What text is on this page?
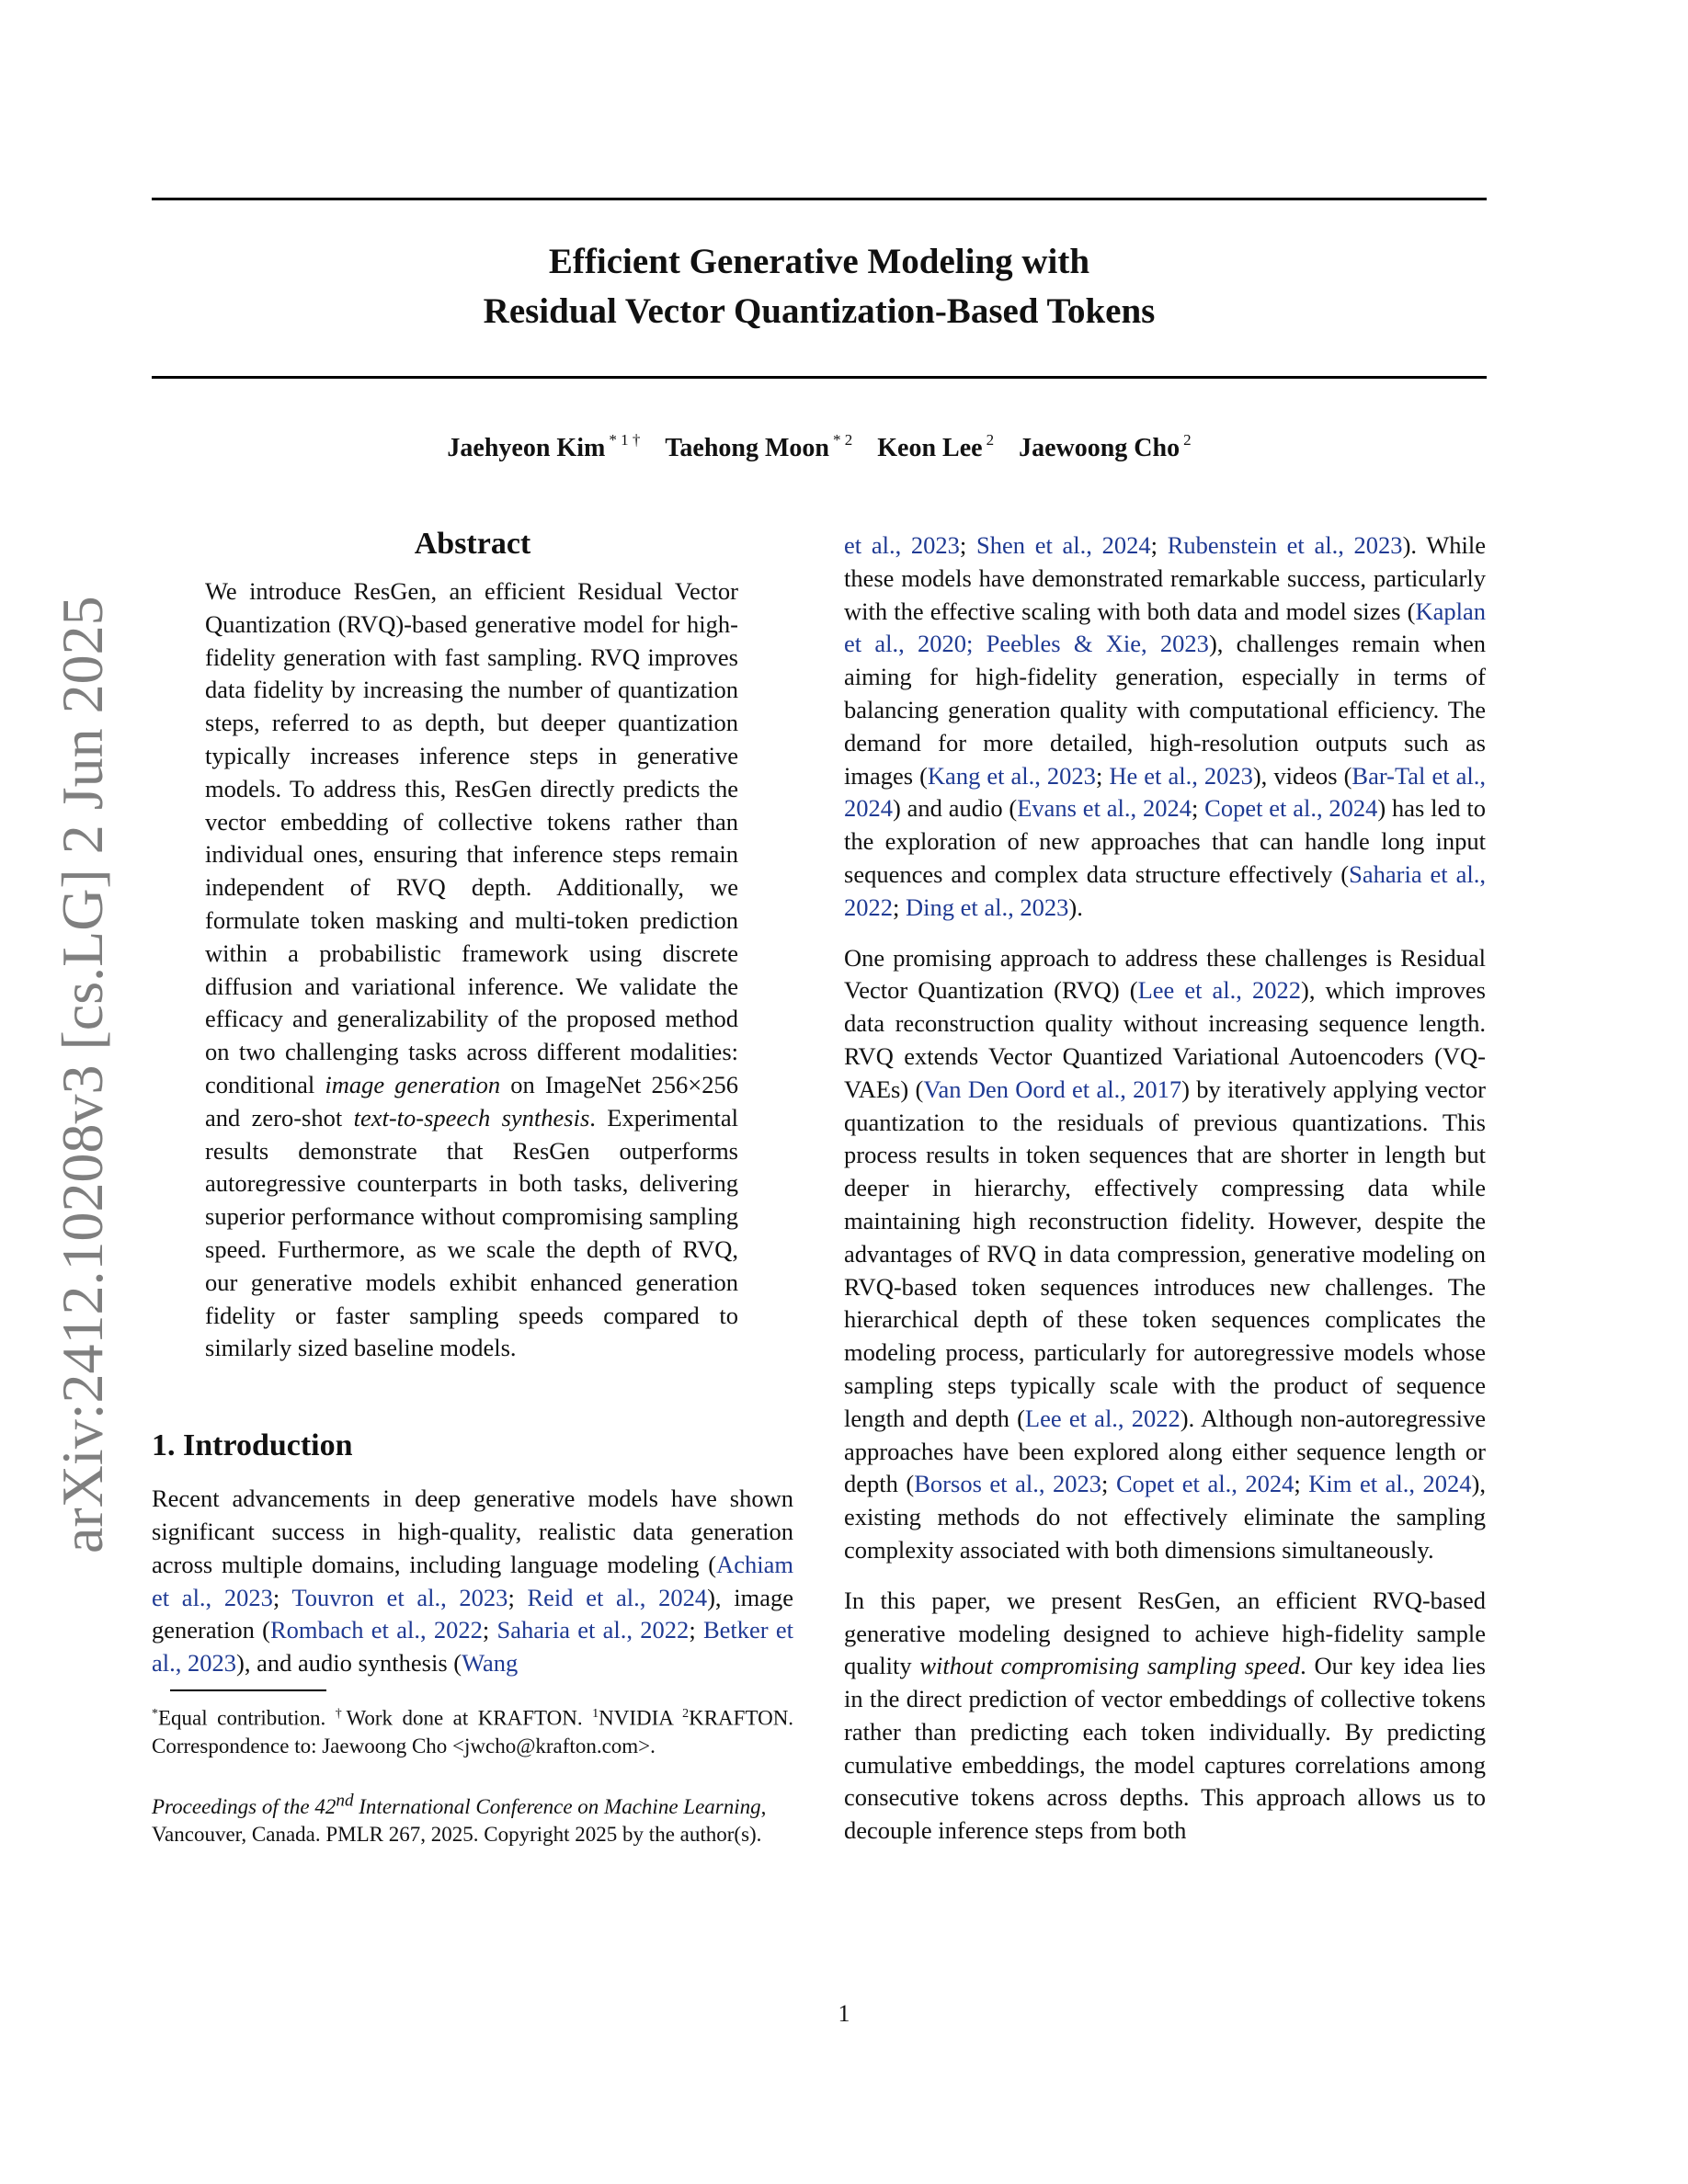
Efficient Generative Modeling with
Residual Vector Quantization-Based Tokens
Jaehyeon Kim $^{* 1 \dagger}$ Taehong Moon $^{* 2}$ Keon Lee $^2$ Jaewoong Cho $^2$
arXiv:2412.10208v3 [cs.LG] 2 Jun 2025
Abstract

We introduce ResGen, an efficient Residual Vector Quantization (RVQ)-based generative model for high-fidelity generation with fast sampling. RVQ improves data fidelity by increasing the number of quantization steps, referred to as depth, but deeper quantization typically increases inference steps in generative models. To address this, ResGen directly predicts the vector embedding of collective tokens rather than individual ones, ensuring that inference steps remain independent of RVQ depth. Additionally, we formulate token masking and multi-token prediction within a probabilistic framework using discrete diffusion and variational inference. We validate the efficacy and generalizability of the proposed method on two challenging tasks across different modalities: conditional image generation on ImageNet 256×256 and zero-shot text-to-speech synthesis. Experimental results demonstrate that ResGen outperforms autoregressive counterparts in both tasks, delivering superior performance without compromising sampling speed. Furthermore, as we scale the depth of RVQ, our generative models exhibit enhanced generation fidelity or faster sampling speeds compared to similarly sized baseline models.

1. Introduction

Recent advancements in deep generative models have shown significant success in high-quality, realistic data generation across multiple domains, including language modeling (Achiam et al., 2023; Touvron et al., 2023; Reid et al., 2024), image generation (Rombach et al., 2022; Saharia et al., 2022; Betker et al., 2023), and audio synthesis (Wang

*Equal contribution. †Work done at KRAFTON. $^1$NVIDIA $^2$KRAFTON. Correspondence to: Jaewoong Cho <jwcho@krafton.com>.

Proceedings of the 42nd International Conference on Machine Learning, Vancouver, Canada. PMLR 267, 2025. Copyright 2025 by the author(s).

et al., 2023; Shen et al., 2024; Rubenstein et al., 2023). While these models have demonstrated remarkable success, particularly with the effective scaling with both data and model sizes (Kaplan et al., 2020; Peebles & Xie, 2023), challenges remain when aiming for high-fidelity generation, especially in terms of balancing generation quality with computational efficiency. The demand for more detailed, high-resolution outputs such as images (Kang et al., 2023; He et al., 2023), videos (Bar-Tal et al., 2024) and audio (Evans et al., 2024; Copet et al., 2024) has led to the exploration of new approaches that can handle long input sequences and complex data structure effectively (Saharia et al., 2022; Ding et al., 2023).

One promising approach to address these challenges is Residual Vector Quantization (RVQ) (Lee et al., 2022), which improves data reconstruction quality without increasing sequence length. RVQ extends Vector Quantized Variational Autoencoders (VQ-VAEs) (Van Den Oord et al., 2017) by iteratively applying vector quantization to the residuals of previous quantizations. This process results in token sequences that are shorter in length but deeper in hierarchy, effectively compressing data while maintaining high reconstruction fidelity. However, despite the advantages of RVQ in data compression, generative modeling on RVQ-based token sequences introduces new challenges. The hierarchical depth of these token sequences complicates the modeling process, particularly for autoregressive models whose sampling steps typically scale with the product of sequence length and depth (Lee et al., 2022). Although non-autoregressive approaches have been explored along either sequence length or depth (Borsos et al., 2023; Copet et al., 2024; Kim et al., 2024), existing methods do not effectively eliminate the sampling complexity associated with both dimensions simultaneously.

In this paper, we present ResGen, an efficient RVQ-based generative modeling designed to achieve high-fidelity sample quality without compromising sampling speed. Our key idea lies in the direct prediction of vector embeddings of collective tokens rather than predicting each token individually. By predicting cumulative embeddings, the model captures correlations among consecutive tokens across depths. This approach allows us to decouple inference steps from both

1
